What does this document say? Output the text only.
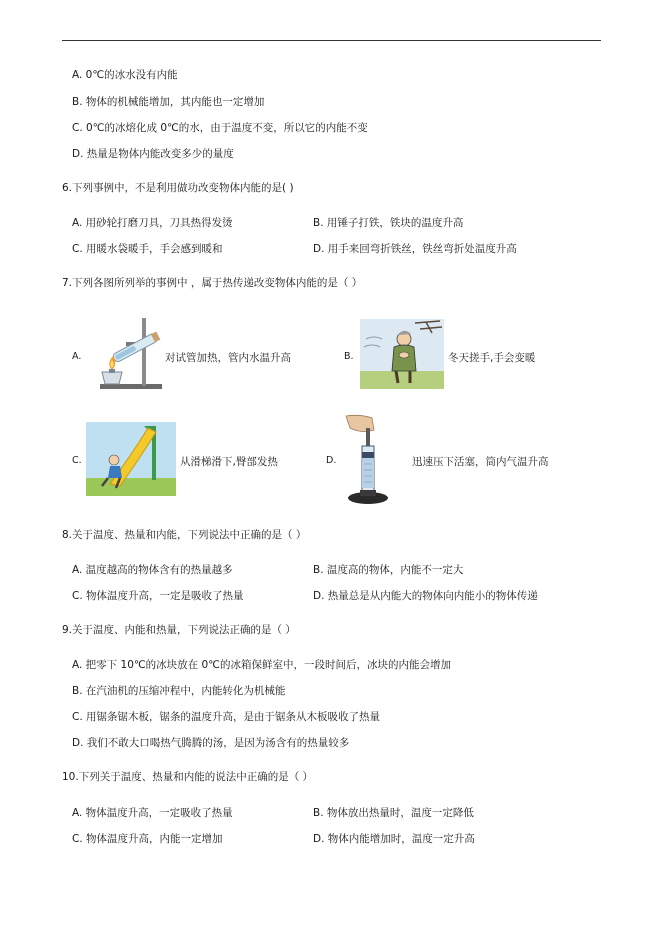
A. 0℃的冰水没有内能
B. 物体的机械能增加，其内能也一定增加
C. 0℃的冰熔化成 0℃的水，由于温度不变，所以它的内能不变
D. 热量是物体内能改变多少的量度
6.下列事例中，不是利用做功改变物体内能的是( )
A. 用砂轮打磨刀具，刀具热得发烫	B. 用锤子打铁，铁块的温度升高
C. 用暖水袋暖手，手会感到暖和	D. 用手来回弯折铁丝，铁丝弯折处温度升高
7.下列各图所列举的事例中 ，属于热传递改变物体内能的是（ ）
A.	对试管加热，管内水温升高	B.	冬天搓手,手会变暖
C.	从滑梯滑下,臀部发热	D.	迅速压下活塞，筒内气温升高
8.关于温度、热量和内能，下列说法中正确的是（ ）
A. 温度越高的物体含有的热量越多	B. 温度高的物体，内能不一定大
C. 物体温度升高，一定是吸收了热量	D. 热量总是从内能大的物体向内能小的物体传递
9.关于温度、内能和热量，下列说法正确的是（ ）
A. 把零下 10℃的冰块放在 0℃的冰箱保鲜室中，一段时间后，冰块的内能会增加
B. 在汽油机的压缩冲程中，内能转化为机械能
C. 用锯条锯木板，锯条的温度升高，是由于锯条从木板吸收了热量
D. 我们不敢大口喝热气腾腾的汤，是因为汤含有的热量较多
10.下列关于温度、热量和内能的说法中正确的是（ ）
A. 物体温度升高，一定吸收了热量	B. 物体放出热量时，温度一定降低
C. 物体温度升高，内能一定增加	D. 物体内能增加时，温度一定升高
